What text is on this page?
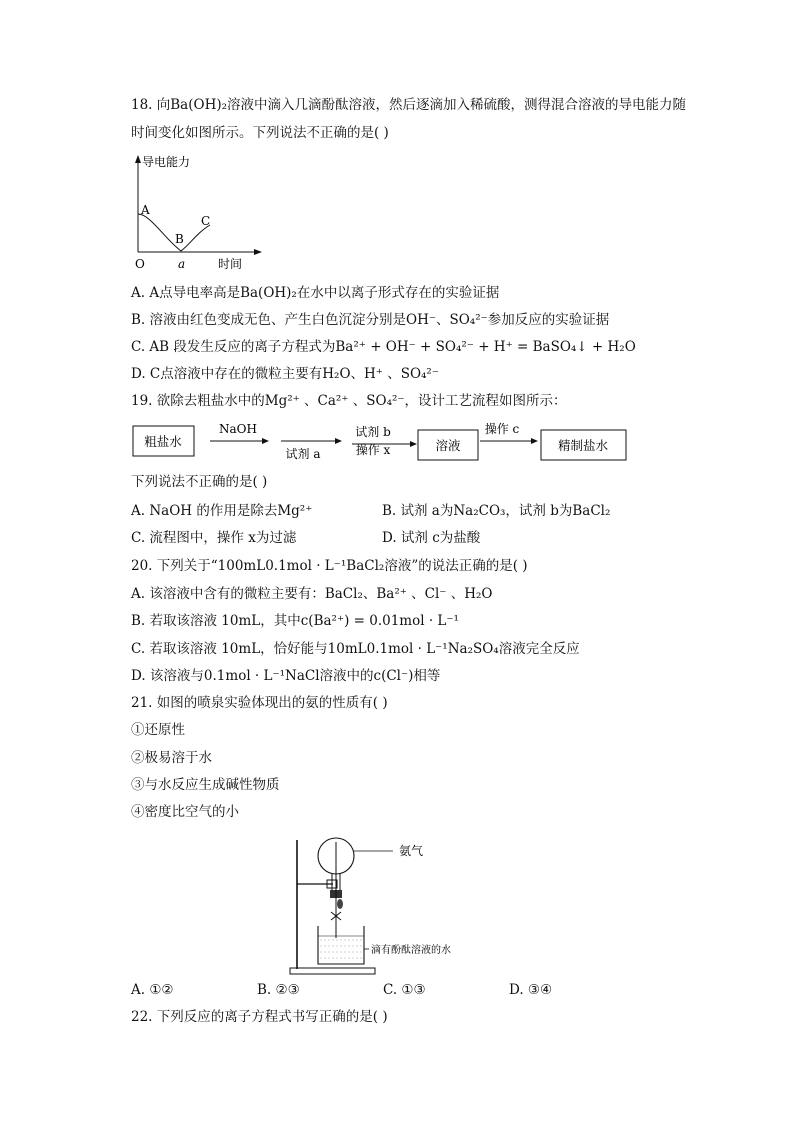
18. 向Ba(OH)₂溶液中滴入几滴酚酞溶液，然后逐滴加入稀硫酸，测得混合溶液的导电能力随
时间变化如图所示。下列说法不正确的是( )
导电能力
A
B
C
O	a	时间
A. A点导电率高是Ba(OH)₂在水中以离子形式存在的实验证据
B. 溶液由红色变成无色、产生白色沉淀分别是OH⁻、SO₄²⁻参加反应的实验证据
C. AB 段发生反应的离子方程式为Ba²⁺ + OH⁻ + SO₄²⁻ + H⁺ = BaSO₄↓ + H₂O
D. C点溶液中存在的微粒主要有H₂O、H⁺ 、SO₄²⁻
19. 欲除去粗盐水中的Mg²⁺ 、Ca²⁺ 、SO₄²⁻，设计工艺流程如图所示：
粗盐水
NaOH
试剂 a
试剂 b
操作 x	溶液
操作 c
精制盐水
下列说法不正确的是( )
A. NaOH 的作用是除去Mg²⁺	B. 试剂 a为Na₂CO₃，试剂 b为BaCl₂
C. 流程图中，操作 x为过滤	D. 试剂 c为盐酸
20. 下列关于“100mL0.1mol · L⁻¹BaCl₂溶液”的说法正确的是( )
A. 该溶液中含有的微粒主要有：BaCl₂、Ba²⁺ 、Cl⁻ 、H₂O
B. 若取该溶液 10mL，其中c(Ba²⁺) = 0.01mol · L⁻¹
C. 若取该溶液 10mL，恰好能与10mL0.1mol · L⁻¹Na₂SO₄溶液完全反应
D. 该溶液与0.1mol · L⁻¹NaCl溶液中的c(Cl⁻)相等
21. 如图的喷泉实验体现出的氨的性质有( )
①还原性
②极易溶于水
③与水反应生成碱性物质
④密度比空气的小
氨气
滴有酚酞溶液的水
A. ①②	B. ②③	C. ①③	D. ③④
22. 下列反应的离子方程式书写正确的是( )
